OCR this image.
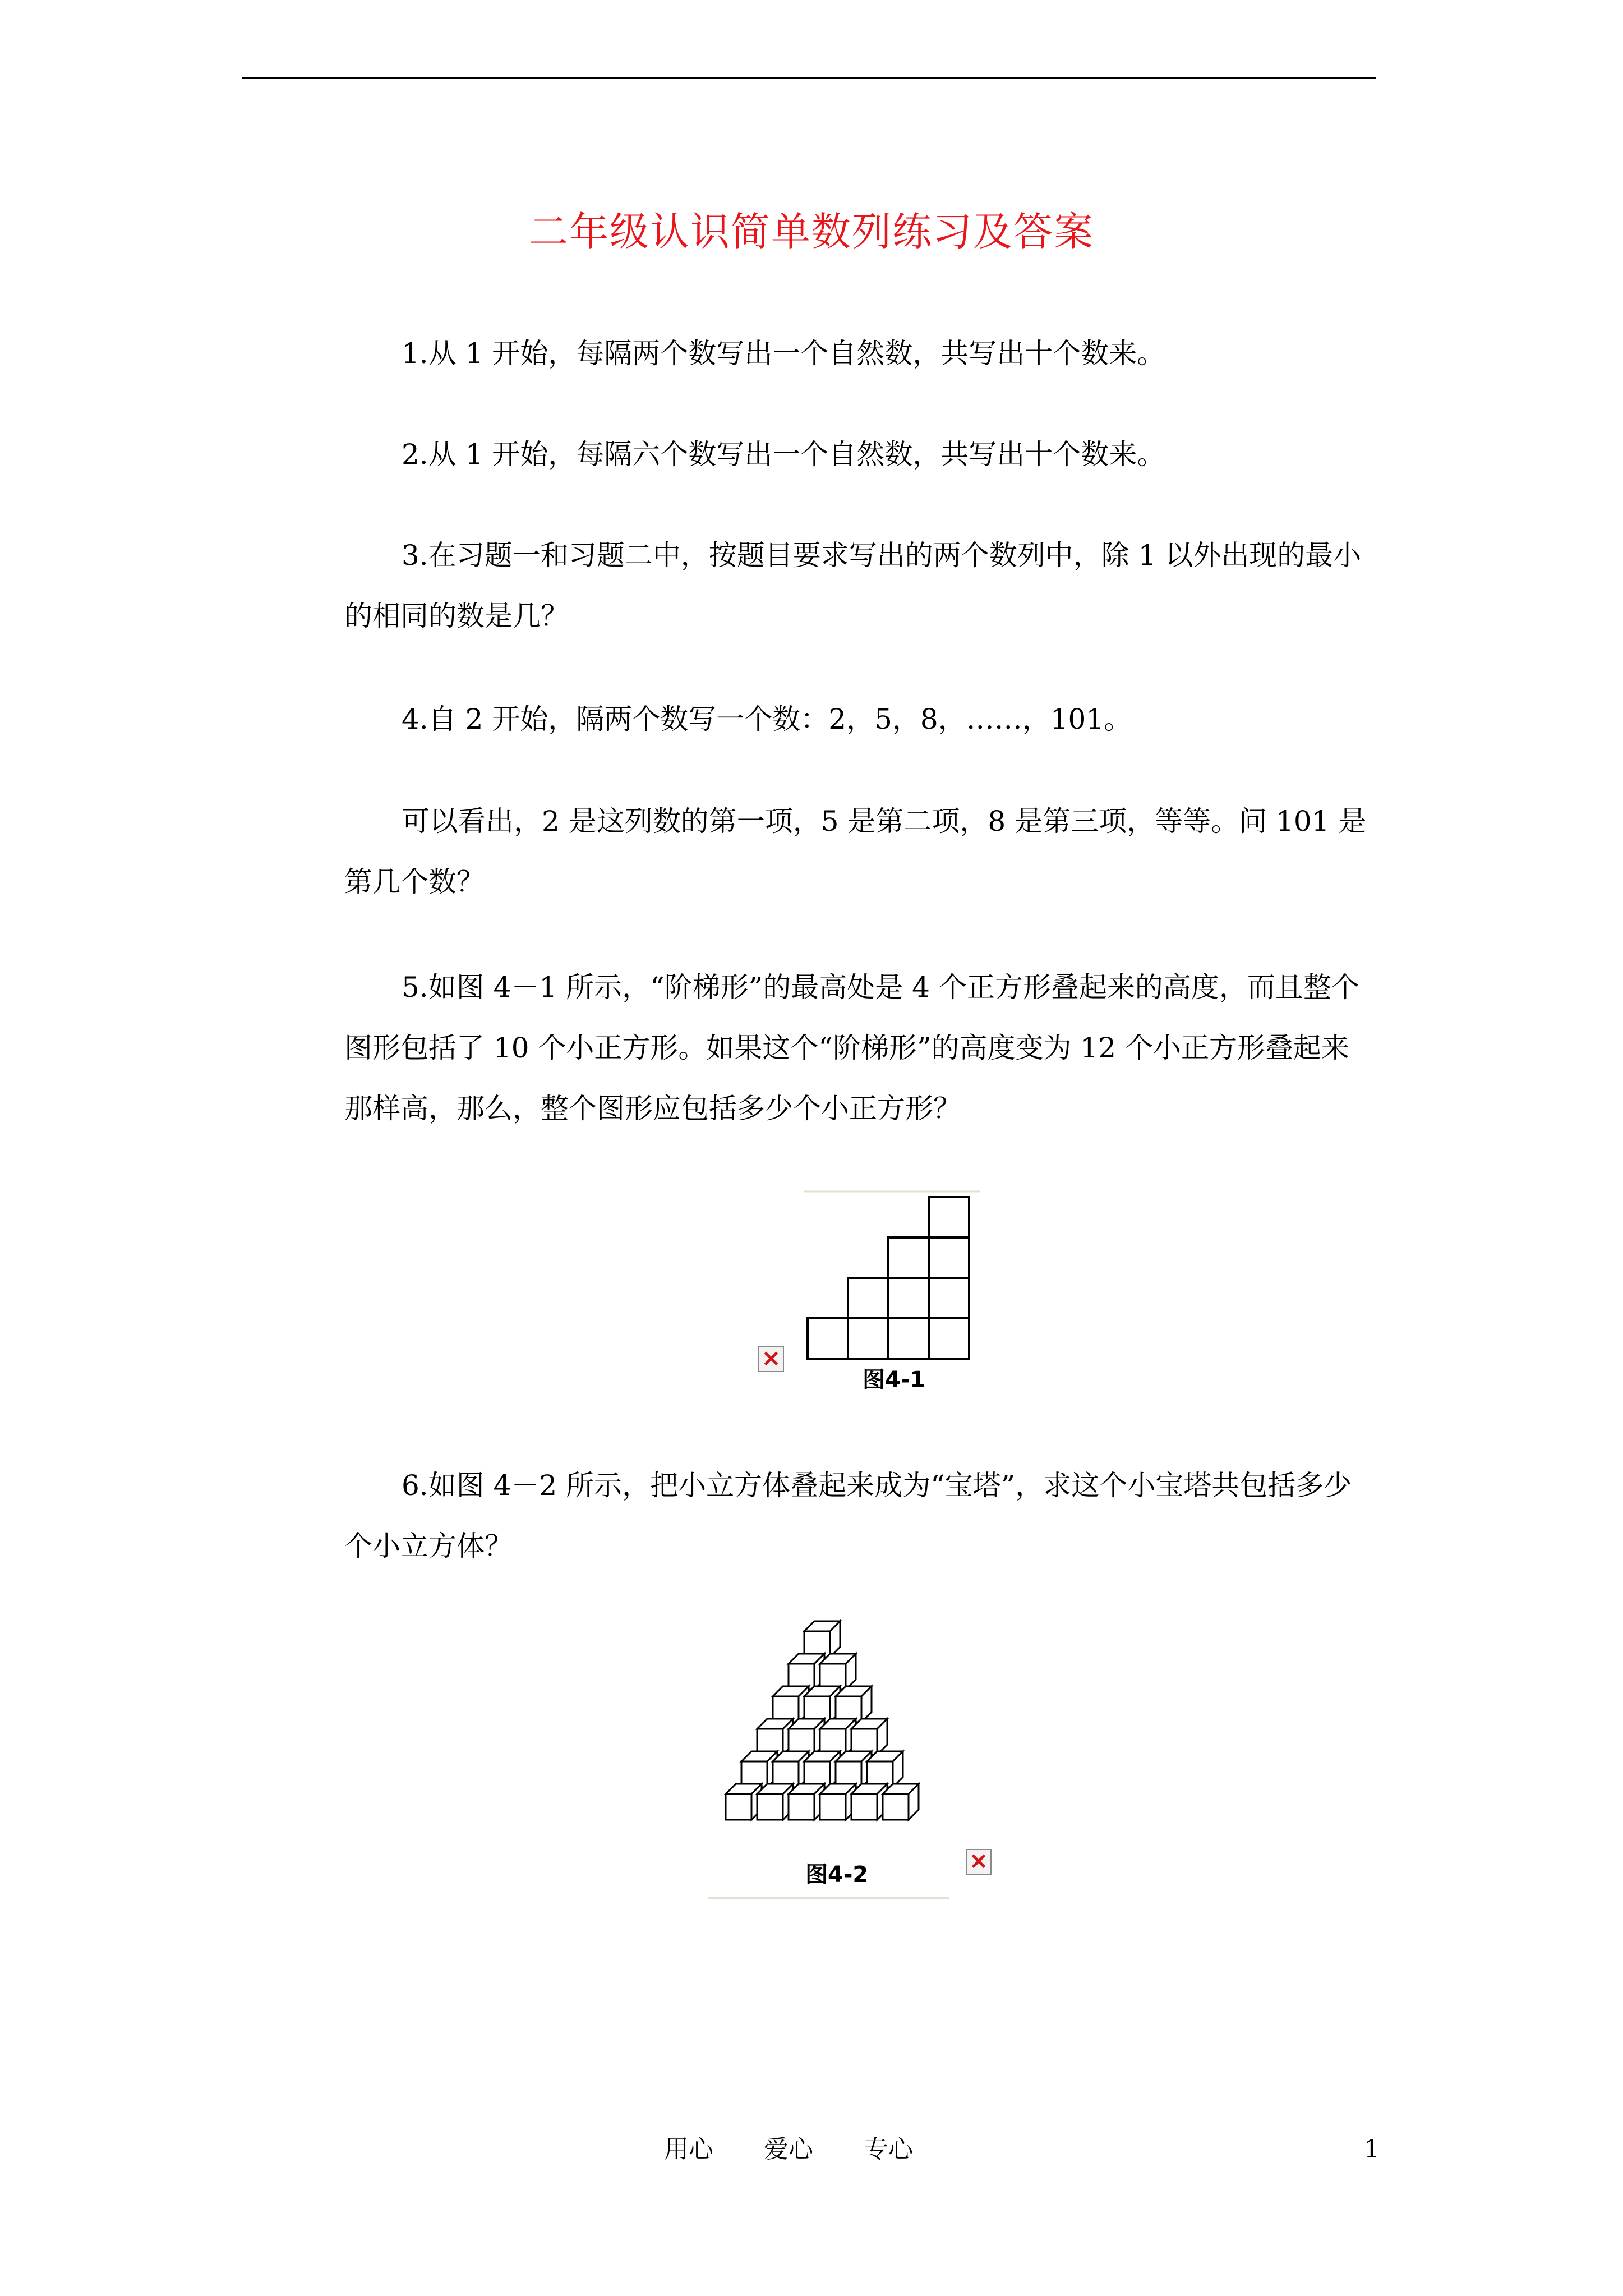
二年级认识简单数列练习及答案

1.从 1 开始，每隔两个数写出一个自然数，共写出十个数来。

2.从 1 开始，每隔六个数写出一个自然数，共写出十个数来。

3.在习题一和习题二中，按题目要求写出的两个数列中，除 1 以外出现的最小的相同的数是几？

4.自 2 开始，隔两个数写一个数：2，5，8，……，101。

可以看出，2 是这列数的第一项，5 是第二项，8 是第三项，等等。问 101 是第几个数？

5.如图 4－1 所示，“阶梯形”的最高处是 4 个正方形叠起来的高度，而且整个图形包括了 10 个小正方形。如果这个“阶梯形”的高度变为 12 个小正方形叠起来那样高，那么，整个图形应包括多少个小正方形？

图4-1
×

6.如图 4－2 所示，把小立方体叠起来成为“宝塔”，求这个小宝塔共包括多少个小立方体？

图4-2
×
用心 爱心 专心	1
